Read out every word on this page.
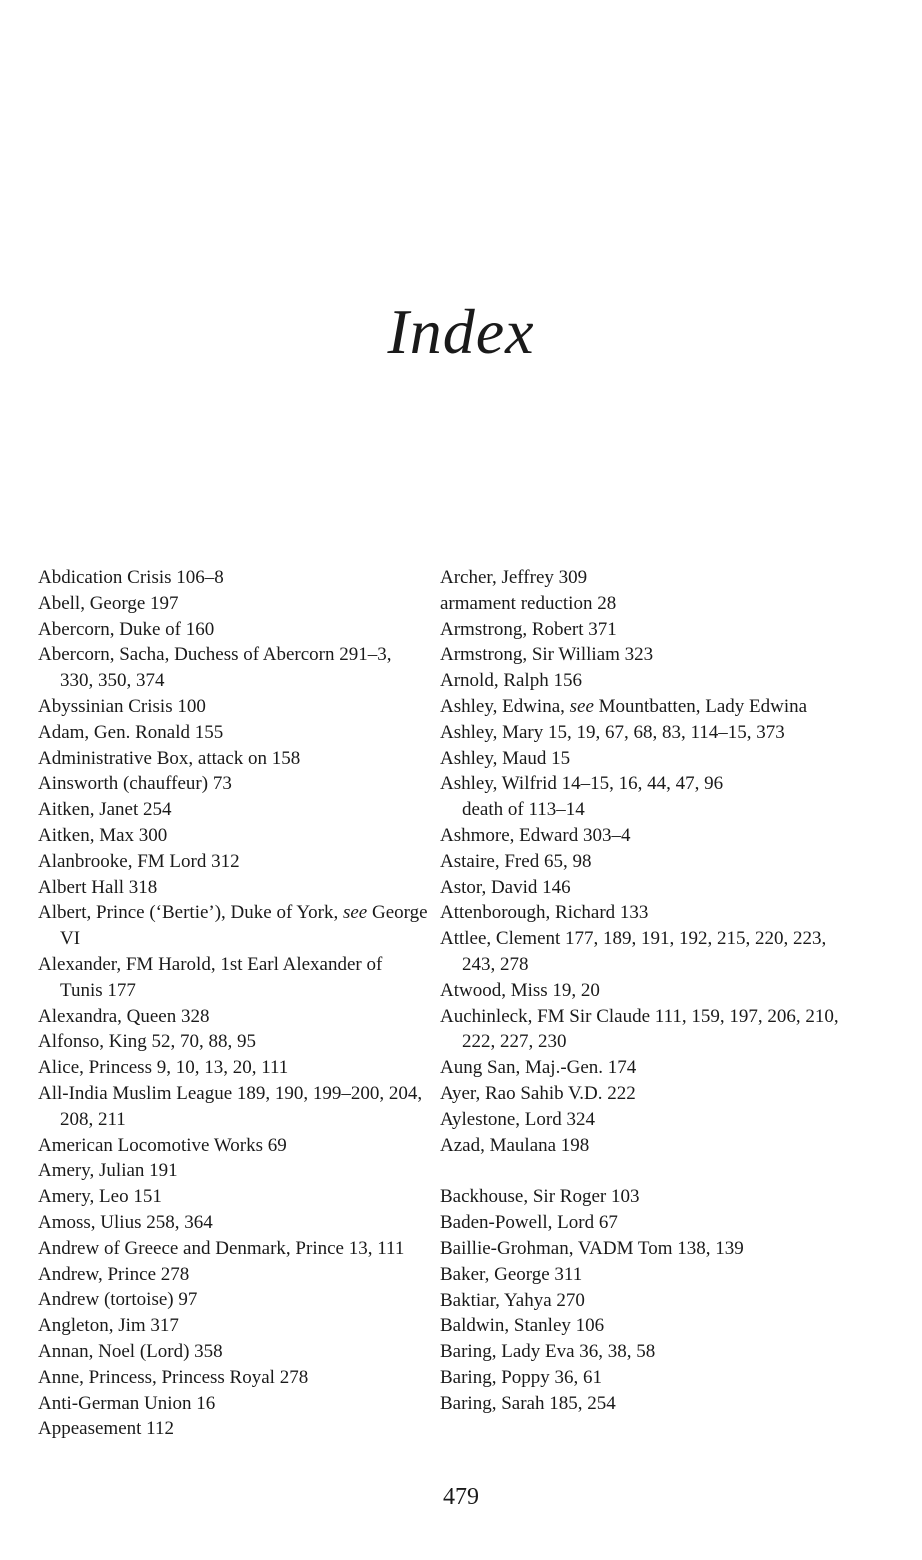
Index
Abdication Crisis 106–8
Abell, George 197
Abercorn, Duke of 160
Abercorn, Sacha, Duchess of Abercorn 291–3, 330, 350, 374
Abyssinian Crisis 100
Adam, Gen. Ronald 155
Administrative Box, attack on 158
Ainsworth (chauffeur) 73
Aitken, Janet 254
Aitken, Max 300
Alanbrooke, FM Lord 312
Albert Hall 318
Albert, Prince (‘Bertie’), Duke of York, see George VI
Alexander, FM Harold, 1st Earl Alexander of Tunis 177
Alexandra, Queen 328
Alfonso, King 52, 70, 88, 95
Alice, Princess 9, 10, 13, 20, 111
All-India Muslim League 189, 190, 199–200, 204, 208, 211
American Locomotive Works 69
Amery, Julian 191
Amery, Leo 151
Amoss, Ulius 258, 364
Andrew of Greece and Denmark, Prince 13, 111
Andrew, Prince 278
Andrew (tortoise) 97
Angleton, Jim 317
Annan, Noel (Lord) 358
Anne, Princess, Princess Royal 278
Anti-German Union 16
Appeasement 112
Archer, Jeffrey 309
armament reduction 28
Armstrong, Robert 371
Armstrong, Sir William 323
Arnold, Ralph 156
Ashley, Edwina, see Mountbatten, Lady Edwina
Ashley, Mary 15, 19, 67, 68, 83, 114–15, 373
Ashley, Maud 15
Ashley, Wilfrid 14–15, 16, 44, 47, 96
death of 113–14
Ashmore, Edward 303–4
Astaire, Fred 65, 98
Astor, David 146
Attenborough, Richard 133
Attlee, Clement 177, 189, 191, 192, 215, 220, 223, 243, 278
Atwood, Miss 19, 20
Auchinleck, FM Sir Claude 111, 159, 197, 206, 210, 222, 227, 230
Aung San, Maj.-Gen. 174
Ayer, Rao Sahib V.D. 222
Aylestone, Lord 324
Azad, Maulana 198
Backhouse, Sir Roger 103
Baden-Powell, Lord 67
Baillie-Grohman, VADM Tom 138, 139
Baker, George 311
Baktiar, Yahya 270
Baldwin, Stanley 106
Baring, Lady Eva 36, 38, 58
Baring, Poppy 36, 61
Baring, Sarah 185, 254
479
